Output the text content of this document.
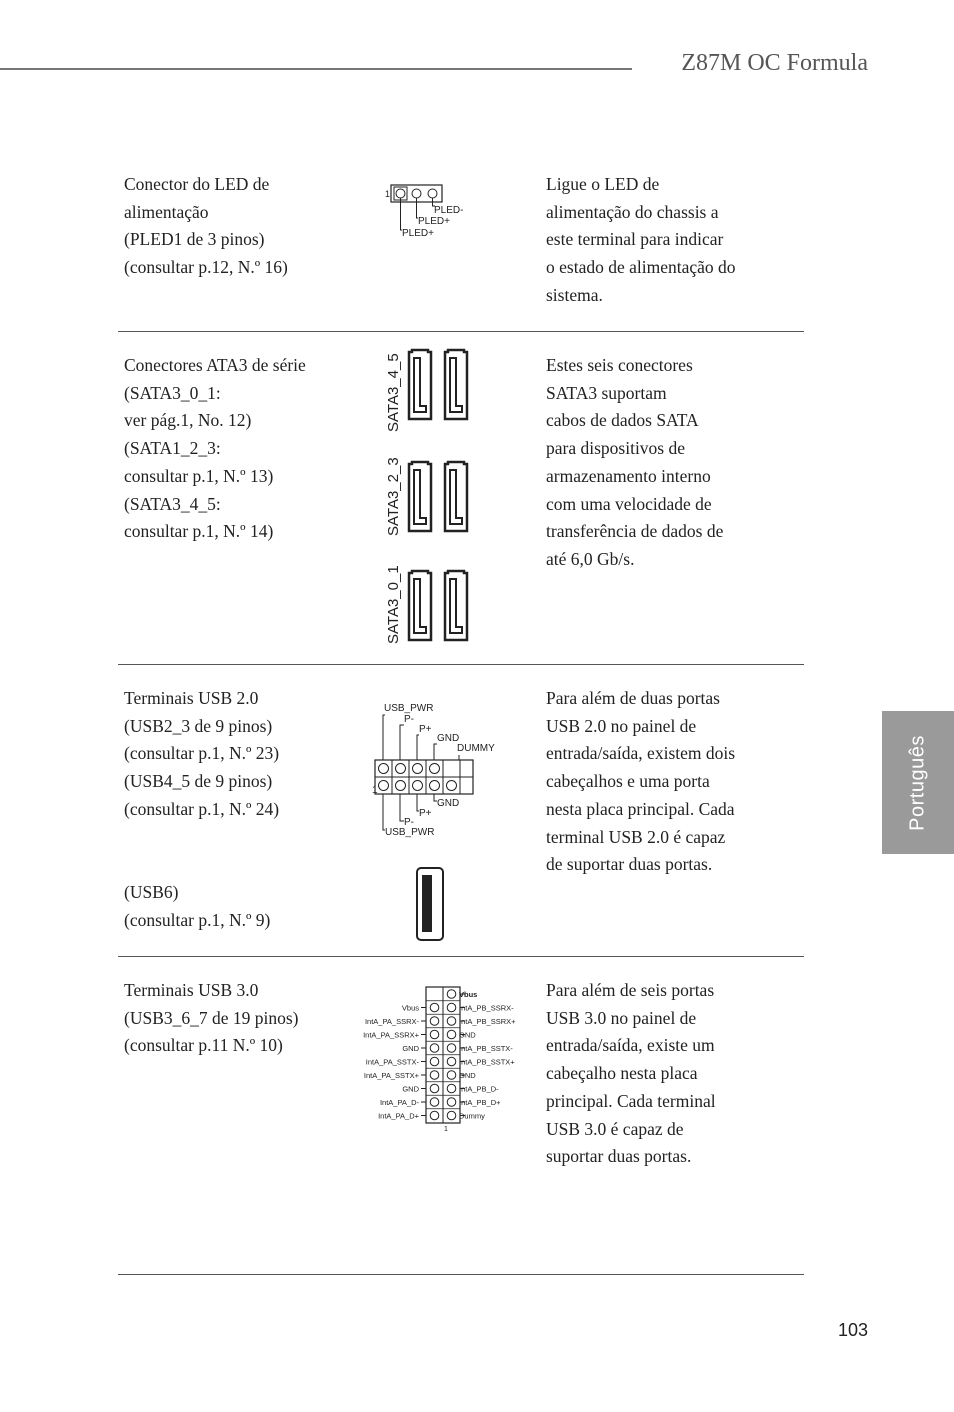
Z87M OC Formula
Português
Conector do LED de
alimentação
(PLED1 de 3 pinos)
(consultar p.12, N.º 16)
1
PLED-
PLED+
PLED+
Ligue o LED de
alimentação do chassis a
este terminal para indicar
o estado de alimentação do
sistema.
Conectores ATA3 de série
(SATA3_0_1:
ver pág.1, No. 12)
(SATA1_2_3:
consultar p.1, N.º 13)
(SATA3_4_5:
consultar p.1, N.º 14)
SATA3_4_5
SATA3_2_3
SATA3_0_1
Estes seis conectores
SATA3 suportam
cabos de dados SATA
para dispositivos de
armazenamento interno
com uma velocidade de
transferência de dados de
até 6,0 Gb/s.
Terminais USB 2.0
(USB2_3 de 9 pinos)
(consultar p.1, N.º 23)
(USB4_5 de 9 pinos)
(consultar p.1, N.º 24)
(USB6)
(consultar p.1, N.º 9)
USB_PWR
P-
P+
GND
DUMMY
1
GND
P+
P-
USB_PWR
Para além de duas portas
USB 2.0 no painel de
entrada/saída, existem dois
cabeçalhos e uma porta
nesta placa principal. Cada
terminal USB 2.0 é capaz
de suportar duas portas.
Terminais USB 3.0
(USB3_6_7 de 19 pinos)
(consultar p.11 N.º 10)
Vbus
Vbus	IntA_PB_SSRX-
IntA_PA_SSRX-	IntA_PB_SSRX+
IntA_PA_SSRX+	GND
GND	IntA_PB_SSTX-
IntA_PA_SSTX-	IntA_PB_SSTX+
IntA_PA_SSTX+	GND
GND	IntA_PB_D-
IntA_PA_D-	IntA_PB_D+
IntA_PA_D+	Dummy
1
Para além de seis portas
USB 3.0 no painel de
entrada/saída, existe um
cabeçalho nesta placa
principal. Cada terminal
USB 3.0 é capaz de
suportar duas portas.
103
